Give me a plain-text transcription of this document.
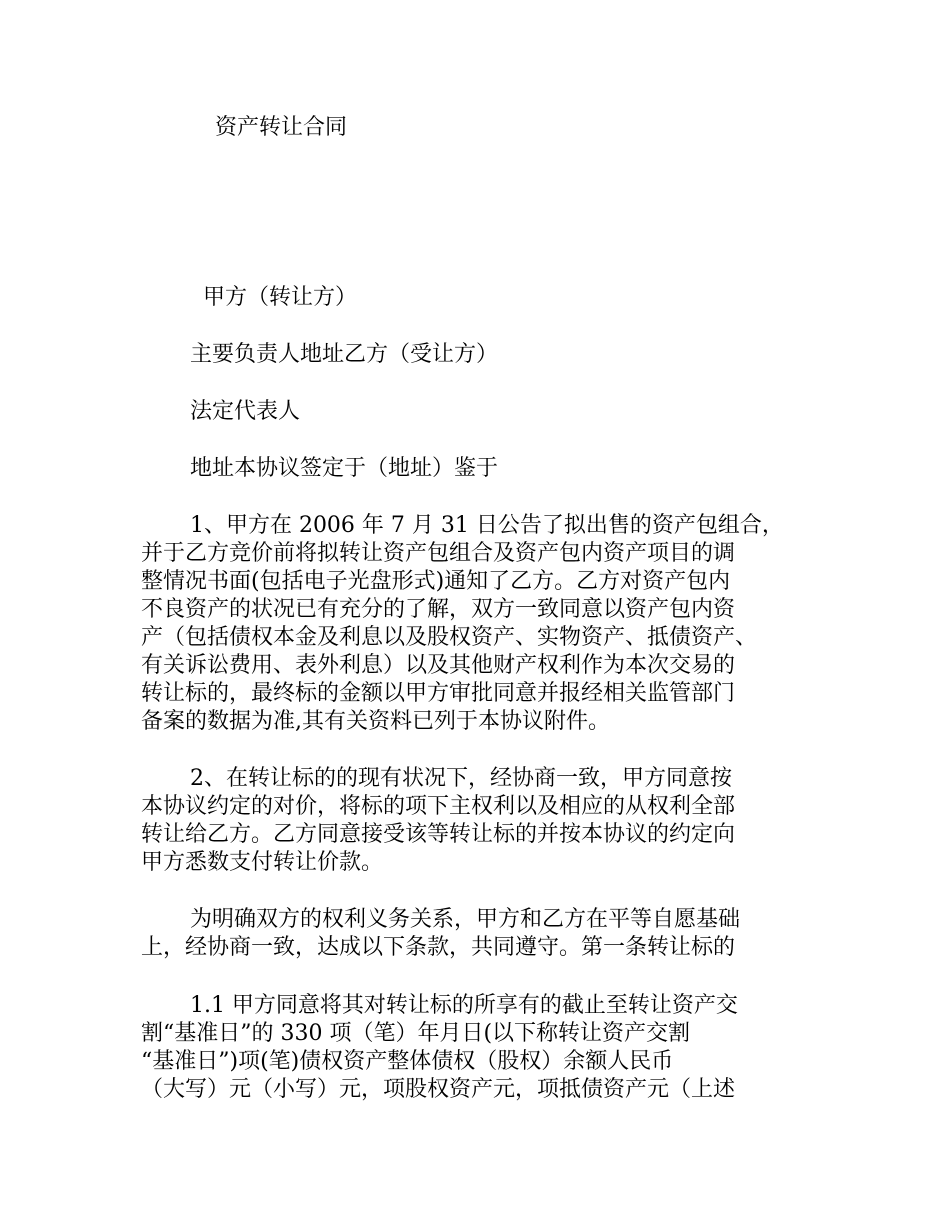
资产转让合同

甲方（转让方）

主要负责人地址乙方（受让方）

法定代表人

地址本协议签定于（地址）鉴于

1、甲方在 2006 年 7 月 31 日公告了拟出售的资产包组合，
并于乙方竞价前将拟转让资产包组合及资产包内资产项目的调
整情况书面(包括电子光盘形式)通知了乙方。乙方对资产包内
不良资产的状况已有充分的了解，双方一致同意以资产包内资
产（包括债权本金及利息以及股权资产、实物资产、抵债资产、
有关诉讼费用、表外利息）以及其他财产权利作为本次交易的
转让标的，最终标的金额以甲方审批同意并报经相关监管部门
备案的数据为准,其有关资料已列于本协议附件。
2、在转让标的的现有状况下，经协商一致，甲方同意按
本协议约定的对价，将标的项下主权利以及相应的从权利全部
转让给乙方。乙方同意接受该等转让标的并按本协议的约定向
甲方悉数支付转让价款。
为明确双方的权利义务关系，甲方和乙方在平等自愿基础
上，经协商一致，达成以下条款，共同遵守。第一条转让标的
1.1 甲方同意将其对转让标的所享有的截止至转让资产交
割“基准日”的 330 项（笔）年月日(以下称转让资产交割
“基准日”)项(笔)债权资产整体债权（股权）余额人民币
（大写）元（小写）元，项股权资产元，项抵债资产元（上述
